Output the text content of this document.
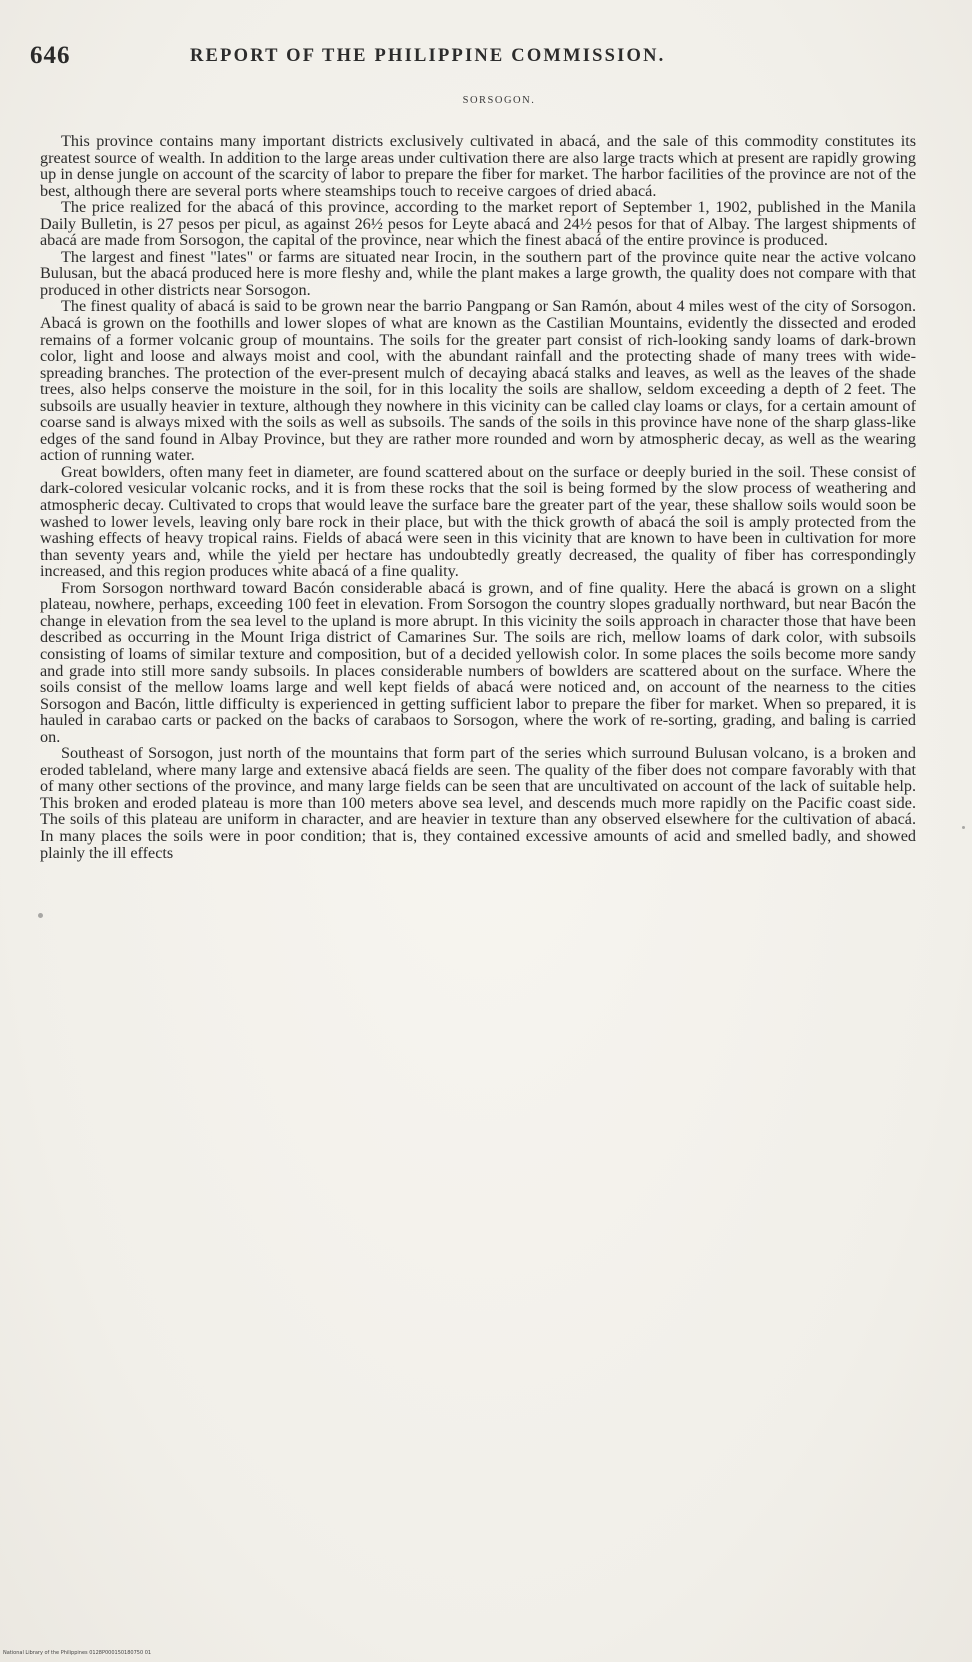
646	REPORT OF THE PHILIPPINE COMMISSION.
SORSOGON.

This province contains many important districts exclusively cultivated in abacá, and the sale of this commodity constitutes its greatest source of wealth. In addition to the large areas under cultivation there are also large tracts which at present are rapidly growing up in dense jungle on account of the scarcity of labor to prepare the fiber for market. The harbor facilities of the province are not of the best, although there are several ports where steamships touch to receive cargoes of dried abacá.

The price realized for the abacá of this province, according to the market report of September 1, 1902, published in the Manila Daily Bulletin, is 27 pesos per picul, as against 26½ pesos for Leyte abacá and 24½ pesos for that of Albay. The largest shipments of abacá are made from Sorsogon, the capital of the province, near which the finest abacá of the entire province is produced.

The largest and finest "lates" or farms are situated near Irocin, in the southern part of the province quite near the active volcano Bulusan, but the abacá produced here is more fleshy and, while the plant makes a large growth, the quality does not compare with that produced in other districts near Sorsogon.

The finest quality of abacá is said to be grown near the barrio Pangpang or San Ramón, about 4 miles west of the city of Sorsogon. Abacá is grown on the foothills and lower slopes of what are known as the Castilian Mountains, evidently the dissected and eroded remains of a former volcanic group of mountains. The soils for the greater part consist of rich-looking sandy loams of dark-brown color, light and loose and always moist and cool, with the abundant rainfall and the protecting shade of many trees with wide-spreading branches. The protection of the ever-present mulch of decaying abacá stalks and leaves, as well as the leaves of the shade trees, also helps conserve the moisture in the soil, for in this locality the soils are shallow, seldom exceeding a depth of 2 feet. The subsoils are usually heavier in texture, although they nowhere in this vicinity can be called clay loams or clays, for a certain amount of coarse sand is always mixed with the soils as well as subsoils. The sands of the soils in this province have none of the sharp glass-like edges of the sand found in Albay Province, but they are rather more rounded and worn by atmospheric decay, as well as the wearing action of running water.

Great bowlders, often many feet in diameter, are found scattered about on the surface or deeply buried in the soil. These consist of dark-colored vesicular volcanic rocks, and it is from these rocks that the soil is being formed by the slow process of weathering and atmospheric decay. Cultivated to crops that would leave the surface bare the greater part of the year, these shallow soils would soon be washed to lower levels, leaving only bare rock in their place, but with the thick growth of abacá the soil is amply protected from the washing effects of heavy tropical rains. Fields of abacá were seen in this vicinity that are known to have been in cultivation for more than seventy years and, while the yield per hectare has undoubtedly greatly decreased, the quality of fiber has correspondingly increased, and this region produces white abacá of a fine quality.

From Sorsogon northward toward Bacón considerable abacá is grown, and of fine quality. Here the abacá is grown on a slight plateau, nowhere, perhaps, exceeding 100 feet in elevation. From Sorsogon the country slopes gradually northward, but near Bacón the change in elevation from the sea level to the upland is more abrupt. In this vicinity the soils approach in character those that have been described as occurring in the Mount Iriga district of Camarines Sur. The soils are rich, mellow loams of dark color, with subsoils consisting of loams of similar texture and composition, but of a decided yellowish color. In some places the soils become more sandy and grade into still more sandy subsoils. In places considerable numbers of bowlders are scattered about on the surface. Where the soils consist of the mellow loams large and well kept fields of abacá were noticed and, on account of the nearness to the cities Sorsogon and Bacón, little difficulty is experienced in getting sufficient labor to prepare the fiber for market. When so prepared, it is hauled in carabao carts or packed on the backs of carabaos to Sorsogon, where the work of re-sorting, grading, and baling is carried on.

Southeast of Sorsogon, just north of the mountains that form part of the series which surround Bulusan volcano, is a broken and eroded tableland, where many large and extensive abacá fields are seen. The quality of the fiber does not compare favorably with that of many other sections of the province, and many large fields can be seen that are uncultivated on account of the lack of suitable help. This broken and eroded plateau is more than 100 meters above sea level, and descends much more rapidly on the Pacific coast side. The soils of this plateau are uniform in character, and are heavier in texture than any observed elsewhere for the cultivation of abacá. In many places the soils were in poor condition; that is, they contained excessive amounts of acid and smelled badly, and showed plainly the ill effects

National Library of the Philippines 0128P000150180750 01
